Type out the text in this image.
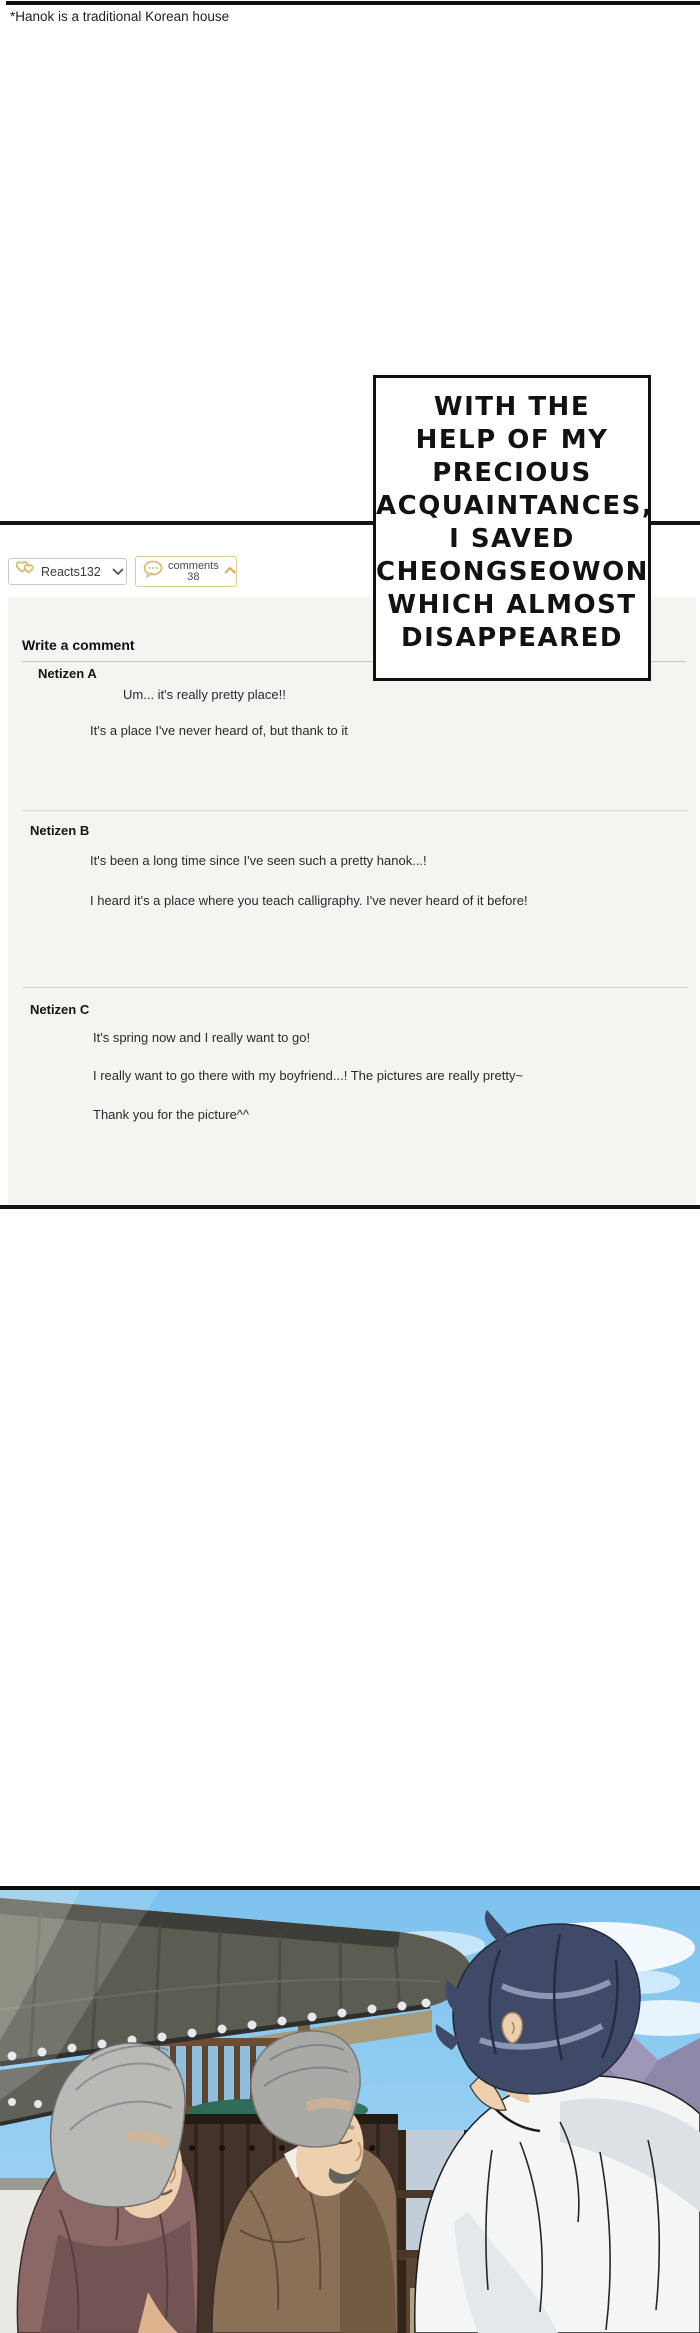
*Hanok is a traditional Korean house
Reacts132	comments
38
Write a comment
Netizen A
Um... it's really pretty place!!
It's a place I've never heard of, but thank to it
Netizen B
It's been a long time since I've seen such a pretty hanok...!
I heard it's a place where you teach calligraphy. I've never heard of it before!
Netizen C
It's spring now and I really want to go!
I really want to go there with my boyfriend...! The pictures are really pretty~
Thank you for the picture^^
WITH THE
HELP OF MY
PRECIOUS
ACQUAINTANCES,
I SAVED
CHEONGSEOWON
WHICH ALMOST
DISAPPEARED
